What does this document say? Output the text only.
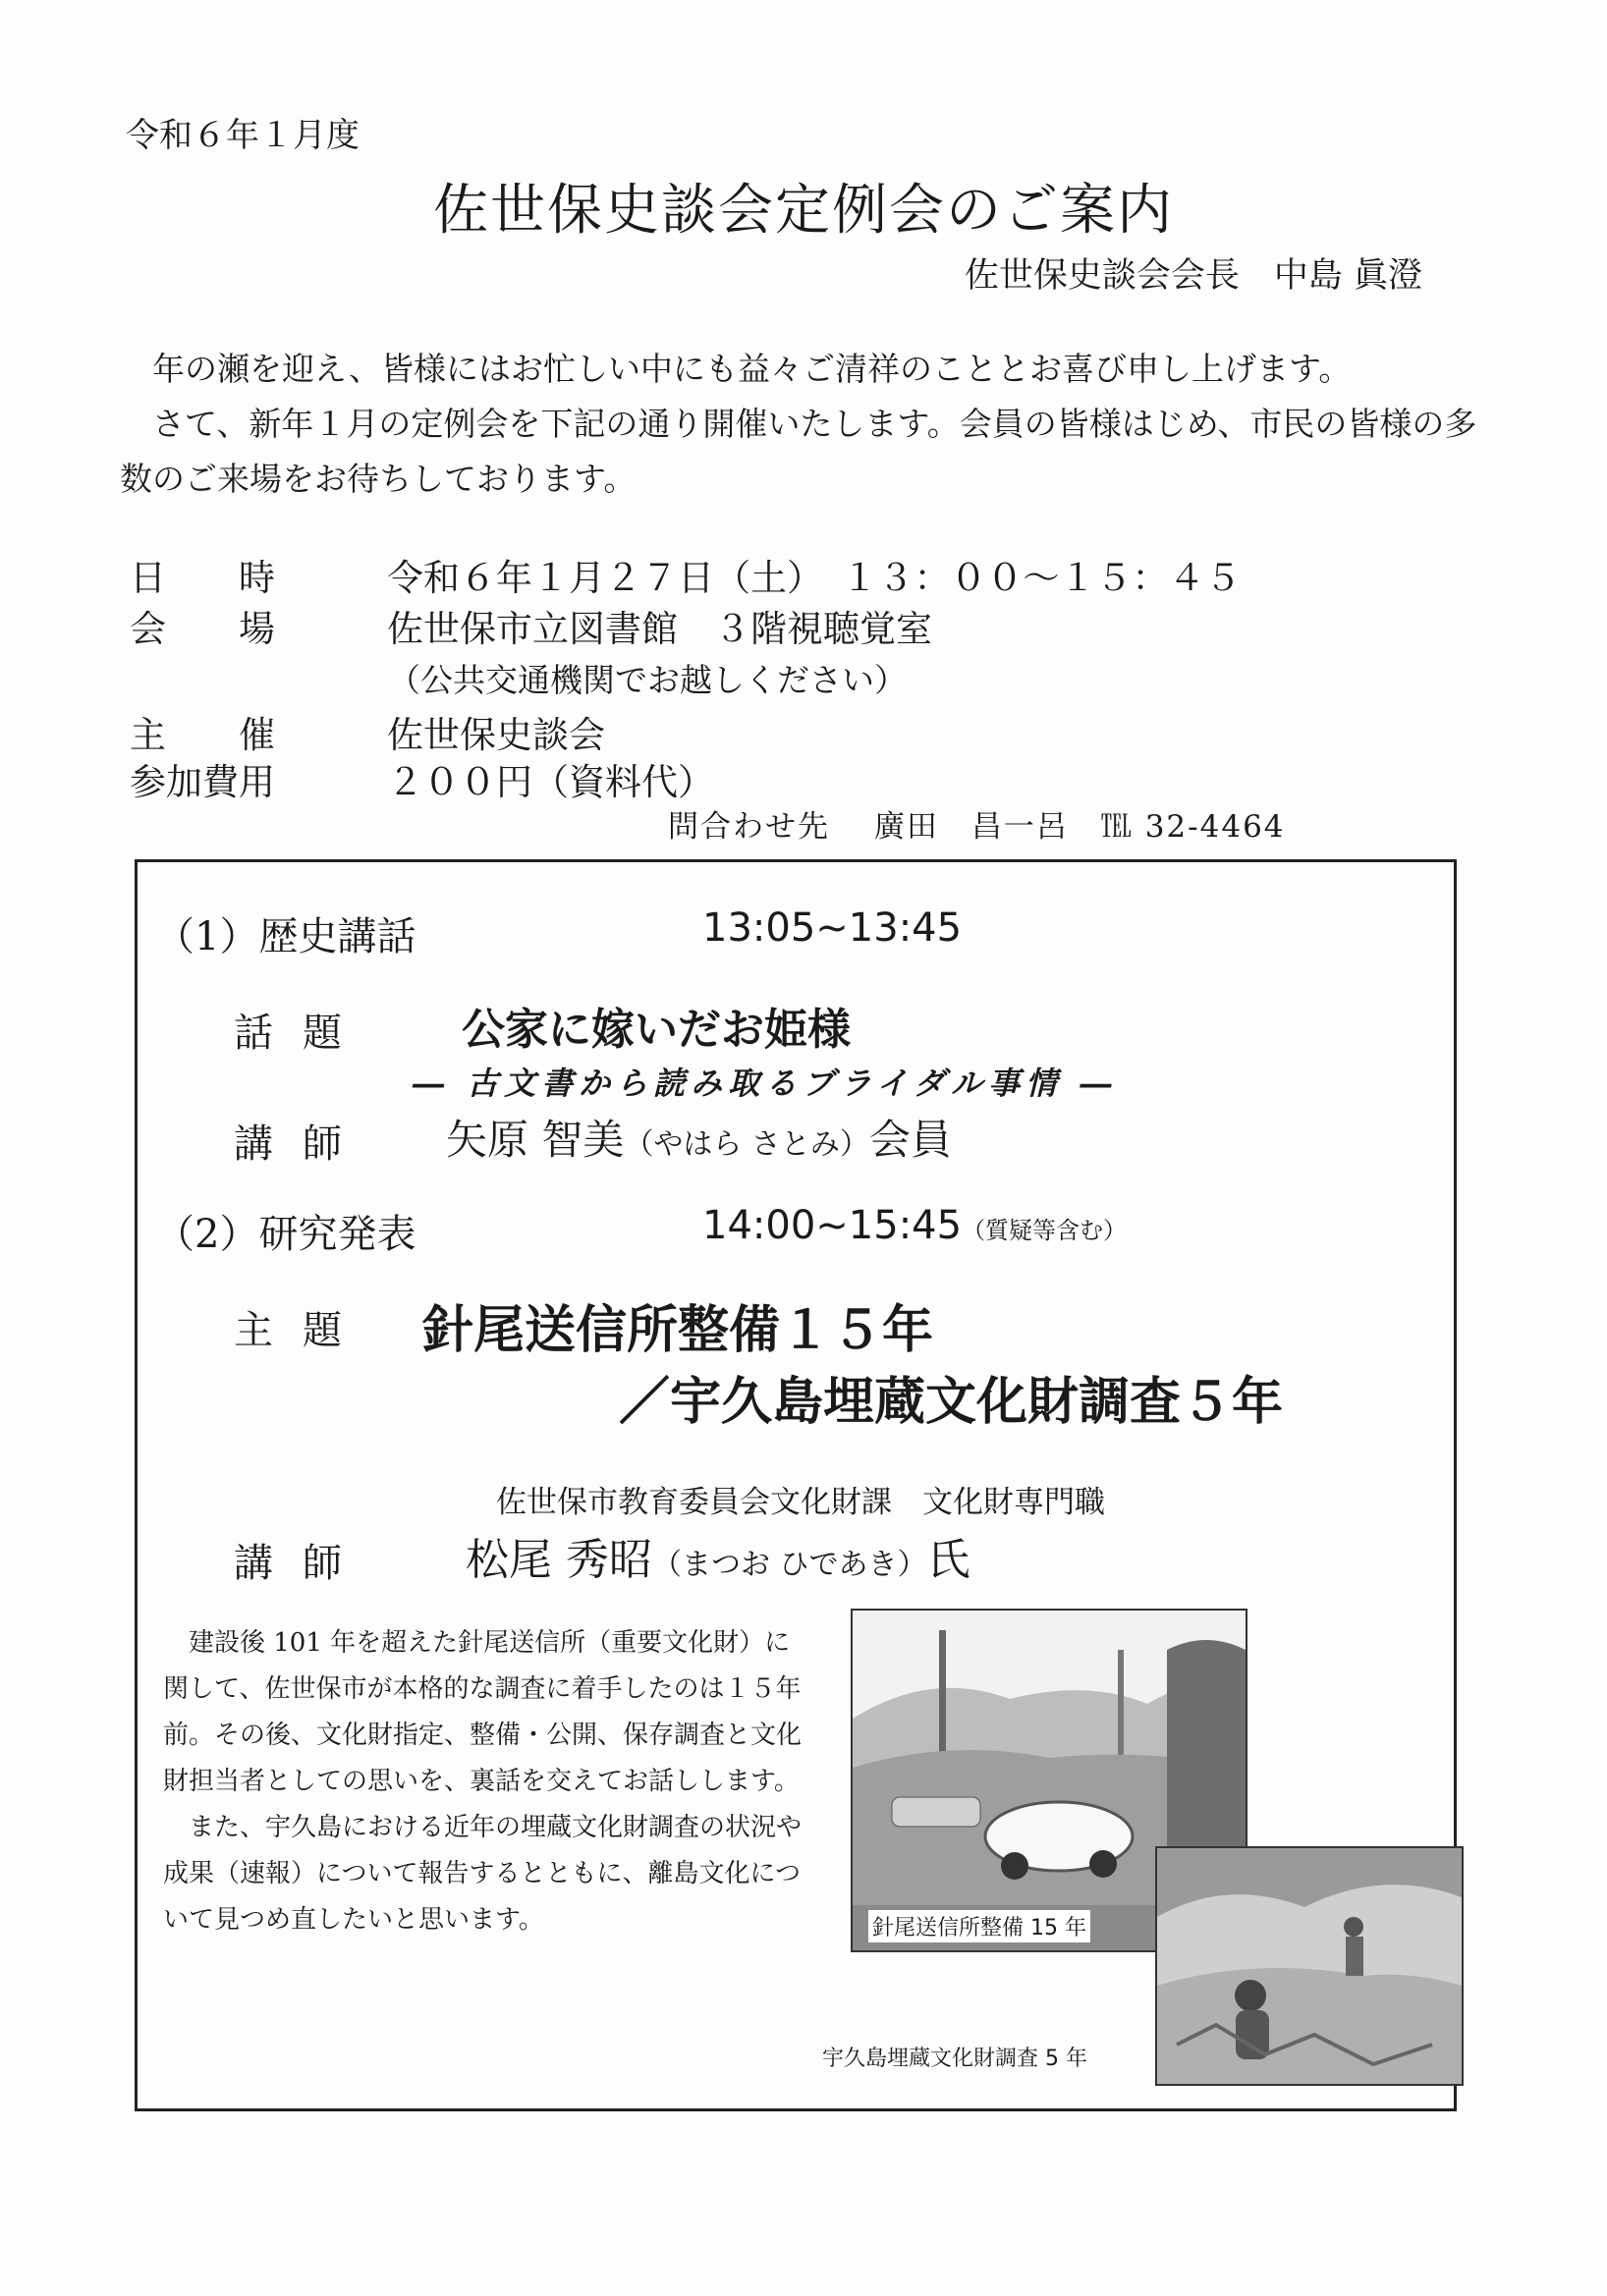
令和６年１月度
佐世保史談会定例会のご案内
佐世保史談会会長　中島 眞澄

年の瀬を迎え、皆様にはお忙しい中にも益々ご清祥のこととお喜び申し上げます。

さて、新年１月の定例会を下記の通り開催いたします。会員の皆様はじめ、市民の皆様の多数のご来場をお待ちしております。

日　　時	令和６年１月２７日（土）　１３：００～１５：４５
会　　場	佐世保市立図書館　３階視聴覚室
（公共交通機関でお越しください）
主　　催	佐世保史談会
参加費用	２００円（資料代）
問合わせ先　 廣田　昌一呂　℡ 32-4464
（1）歴史講話	13:05~13:45
話題 公家に嫁いだお姫様
― 古文書から読み取るブライダル事情 ―
講師 矢原 智美（やはら さとみ）会員
（2）研究発表	14:00~15:45（質疑等含む）
主題 針尾送信所整備１５年
／宇久島埋蔵文化財調査５年
佐世保市教育委員会文化財課　文化財専門職
講師 松尾 秀昭（まつお ひであき）氏

建設後 101 年を超えた針尾送信所（重要文化財）に関して、佐世保市が本格的な調査に着手したのは１５年前。その後、文化財指定、整備・公開、保存調査と文化財担当者としての思いを、裏話を交えてお話しします。

また、宇久島における近年の埋蔵文化財調査の状況や成果（速報）について報告するとともに、離島文化について見つめ直したいと思います。	針尾送信所整備 15 年
宇久島埋蔵文化財調査 5 年
